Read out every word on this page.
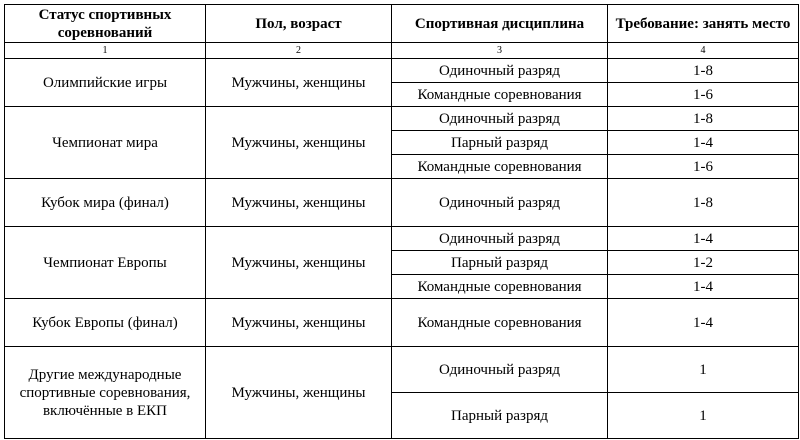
Статус спортивных соревнований	Пол, возраст	Спортивная дисциплина	Требование: занять место
1	2	3	4
Олимпийские игры	Мужчины, женщины	Одиночный разряд	1-8
		Командные соревнования	1-6
Чемпионат мира	Мужчины, женщины	Одиночный разряд	1-8
		Парный разряд	1-4
		Командные соревнования	1-6
Кубок мира (финал)	Мужчины, женщины	Одиночный разряд	1-8
Чемпионат Европы	Мужчины, женщины	Одиночный разряд	1-4
		Парный разряд	1-2
		Командные соревнования	1-4
Кубок Европы (финал)	Мужчины, женщины	Командные соревнования	1-4
Другие международные спортивные соревнования, включённые в ЕКП	Мужчины, женщины	Одиночный разряд	1
		Парный разряд	1
